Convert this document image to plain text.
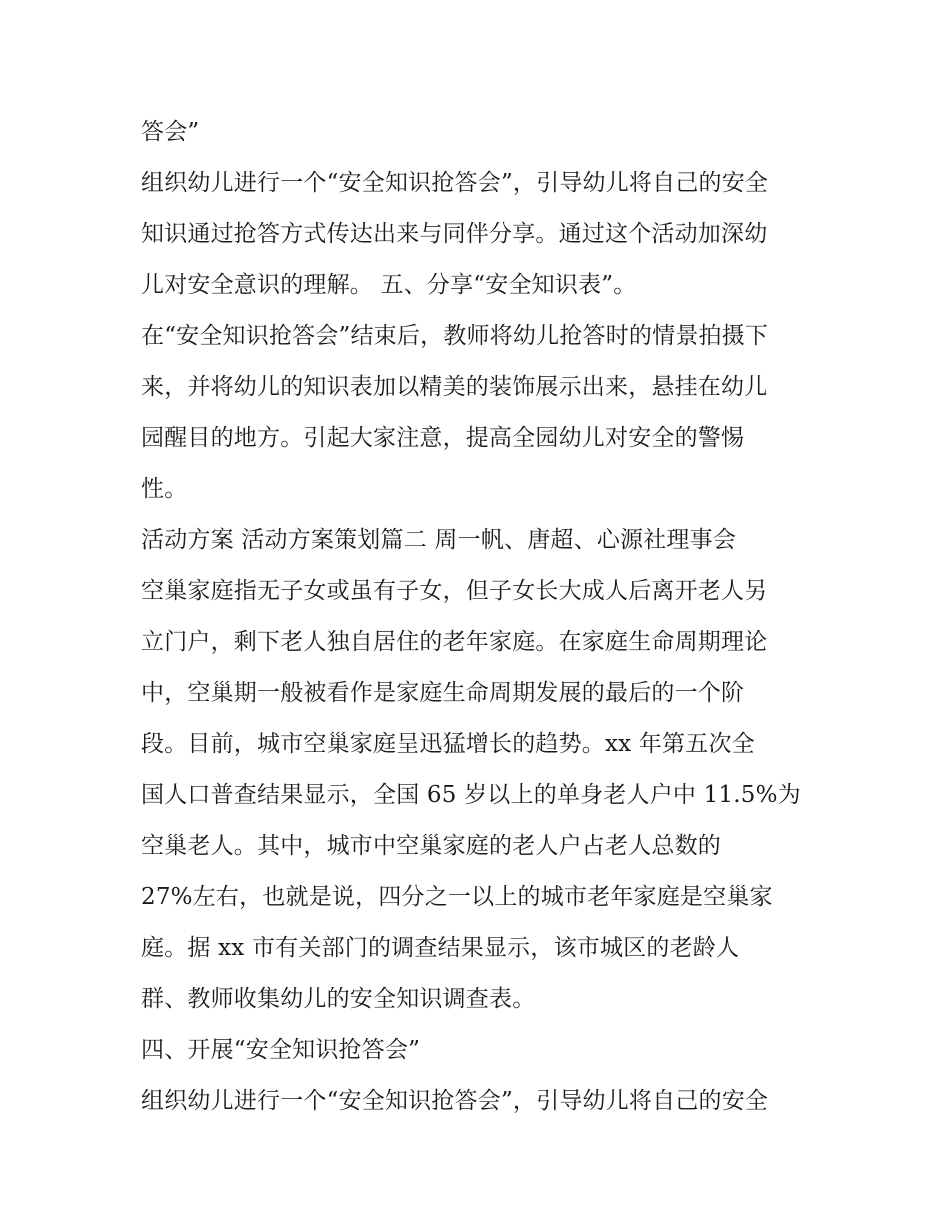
答会”
组织幼儿进行一个“安全知识抢答会”，引导幼儿将自己的安全
知识通过抢答方式传达出来与同伴分享。通过这个活动加深幼
儿对安全意识的理解。 五、分享“安全知识表”。
在“安全知识抢答会”结束后，教师将幼儿抢答时的情景拍摄下
来，并将幼儿的知识表加以精美的装饰展示出来，悬挂在幼儿
园醒目的地方。引起大家注意，提高全园幼儿对安全的警惕
性。
活动方案 活动方案策划篇二 周一帆、唐超、心源社理事会
空巢家庭指无子女或虽有子女，但子女长大成人后离开老人另
立门户，剩下老人独自居住的老年家庭。在家庭生命周期理论
中，空巢期一般被看作是家庭生命周期发展的最后的一个阶
段。目前，城市空巢家庭呈迅猛增长的趋势。xx 年第五次全
国人口普查结果显示，全国 65 岁以上的单身老人户中 11.5%为
空巢老人。其中，城市中空巢家庭的老人户占老人总数的
27%左右，也就是说，四分之一以上的城市老年家庭是空巢家
庭。据 xx 市有关部门的调查结果显示，该市城区的老龄人
群、教师收集幼儿的安全知识调查表。
四、开展“安全知识抢答会”
组织幼儿进行一个“安全知识抢答会”，引导幼儿将自己的安全
